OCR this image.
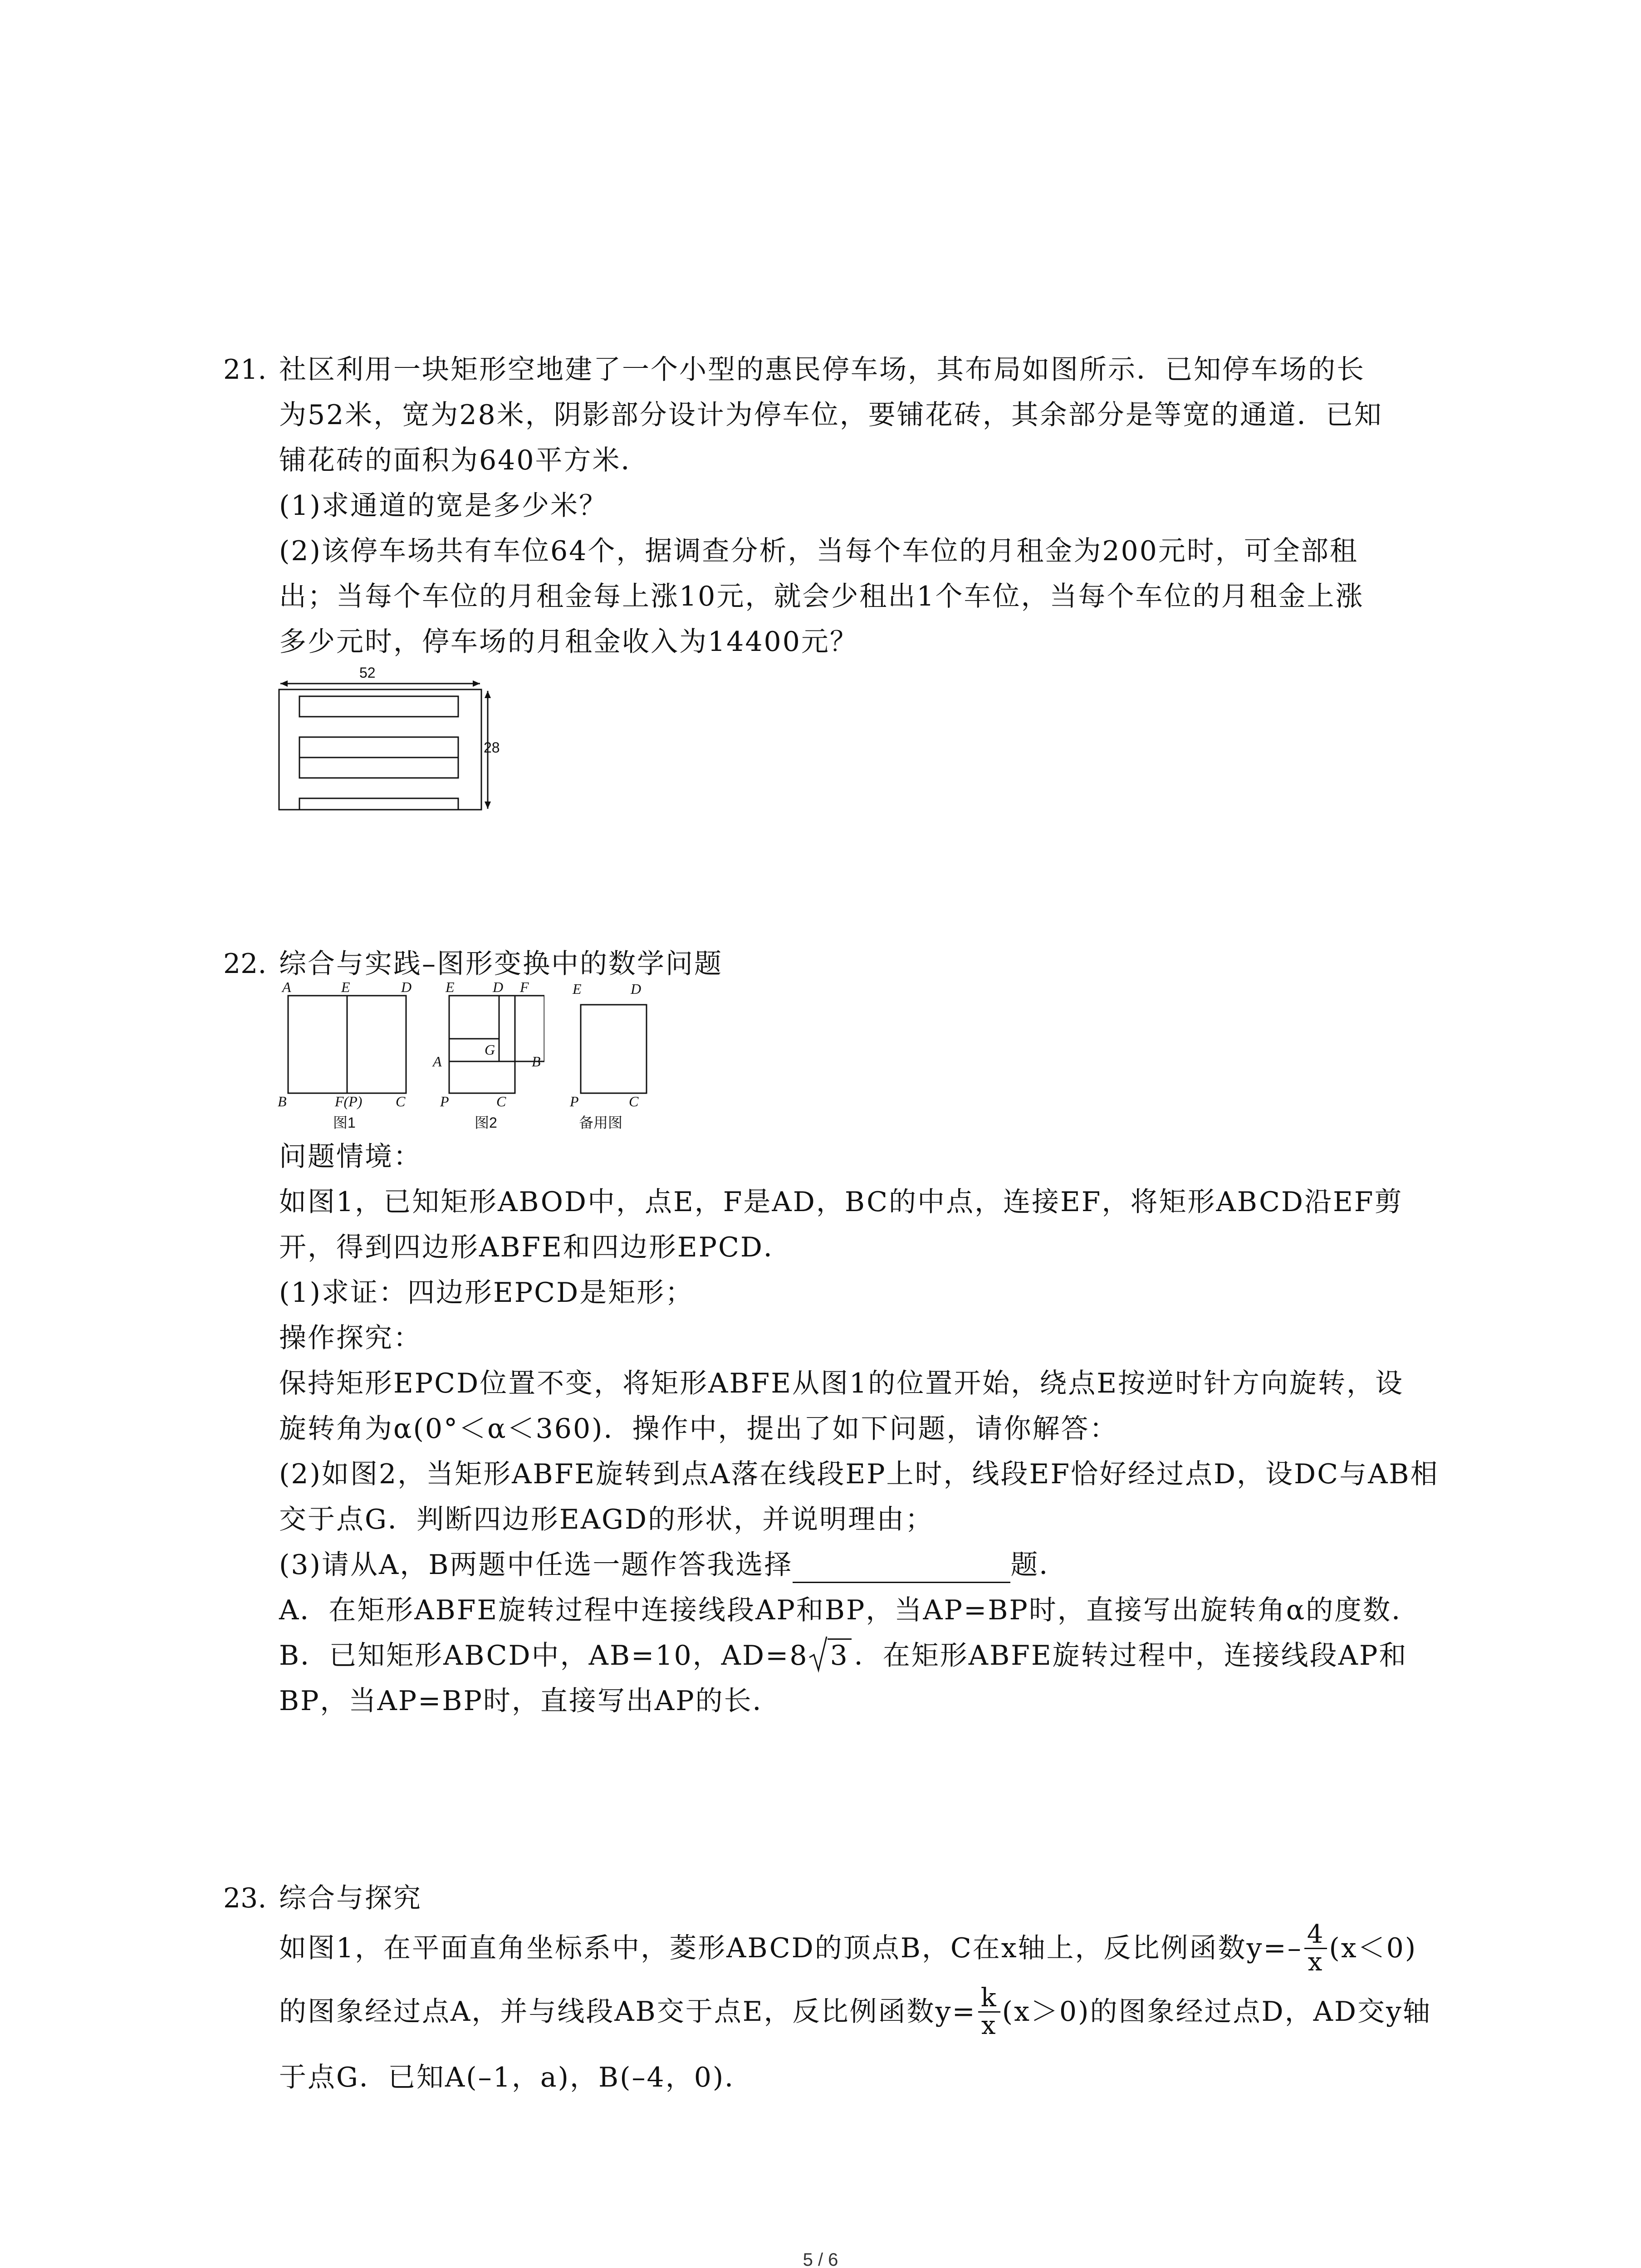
21. 社区利用一块矩形空地建了一个小型的惠民停车场，其布局如图所示．已知停车场的长
为52米，宽为28米，阴影部分设计为停车位，要铺花砖，其余部分是等宽的通道．已知
铺花砖的面积为640平方米．
(1)求通道的宽是多少米？
(2)该停车场共有车位64个，据调查分析，当每个车位的月租金为200元时，可全部租
出；当每个车位的月租金每上涨10元，就会少租出1个车位，当每个车位的月租金上涨
多少元时，停车场的月租金收入为14400元？
52
28
22. 综合与实践–图形变换中的数学问题
A	E	D
B	F(P) C
图1
E	D F
G
A	B
P	C
图2
E	D
P	C
备用图
问题情境：
如图1，已知矩形ABOD中，点E，F是AD，BC的中点，连接EF，将矩形ABCD沿EF剪
开，得到四边形ABFE和四边形EPCD．
(1)求证：四边形EPCD是矩形；
操作探究：
保持矩形EPCD位置不变，将矩形ABFE从图1的位置开始，绕点E按逆时针方向旋转，设
旋转角为α(0°＜α＜360)．操作中，提出了如下问题，请你解答：
(2)如图2，当矩形ABFE旋转到点A落在线段EP上时，线段EF恰好经过点D，设DC与AB相
交于点G．判断四边形EAGD的形状，并说明理由；
(3)请从A，B两题中任选一题作答我选择	题．
A．在矩形ABFE旋转过程中连接线段AP和BP，当AP=BP时，直接写出旋转角α的度数．
B．已知矩形ABCD中，AB=10，AD=8 3 ．在矩形ABFE旋转过程中，连接线段AP和
BP，当AP=BP时，直接写出AP的长．
23. 综合与探究
如图1，在平面直角坐标系中，菱形ABCD的顶点B，C在x轴上，反比例函数$y=- \frac{4}{x} (x<0)$
的图象经过点A，并与线段AB交于点E，反比例函数$y= \frac{k}{x} (x>0)$的图象经过点D，AD交y轴
于点G．已知A(–1，a)，B(–4，0)．
5 / 6
